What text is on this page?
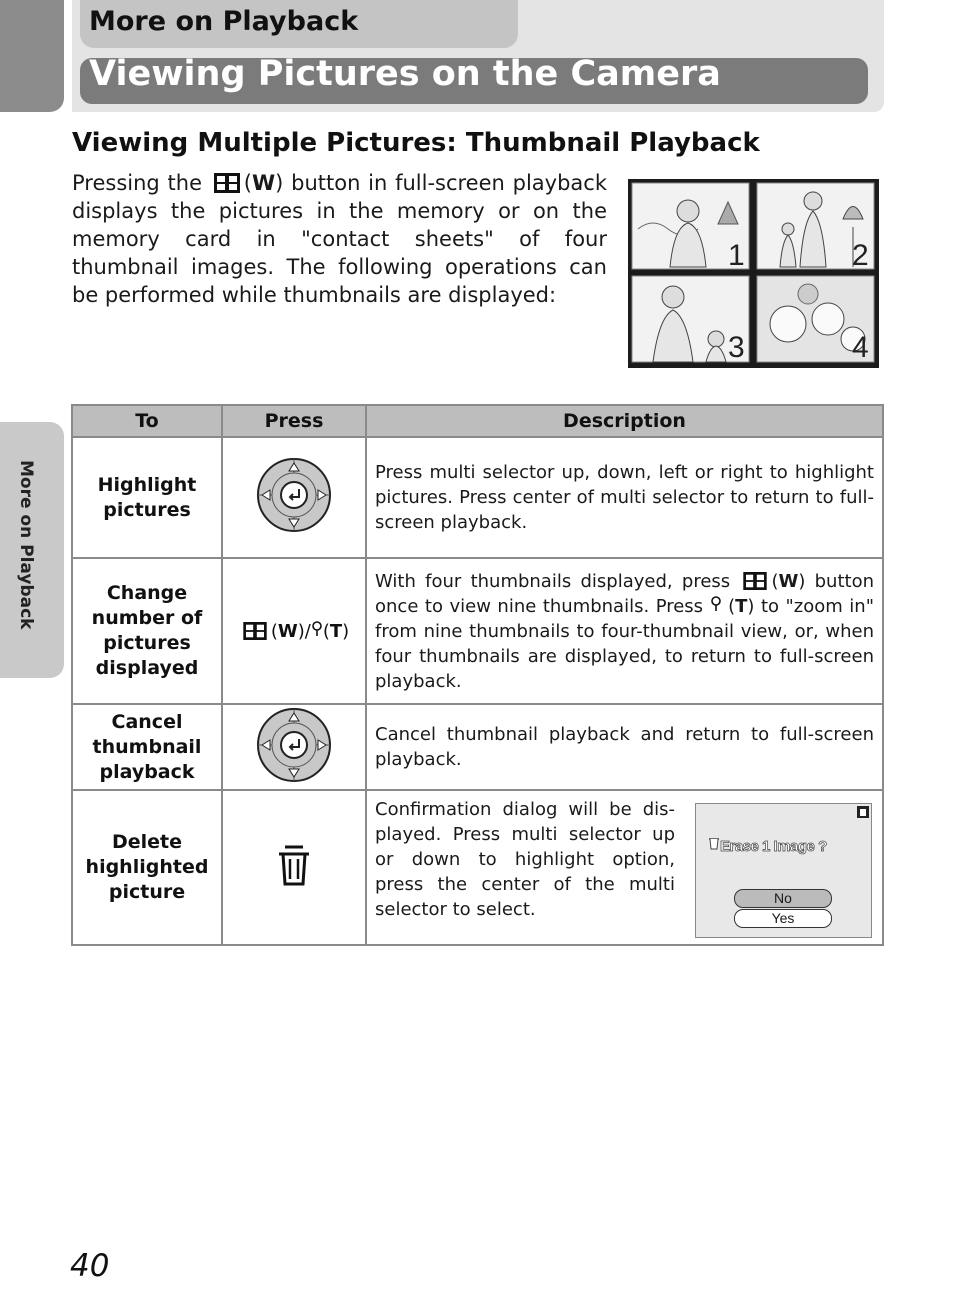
More on Playback
Viewing Pictures on the Camera
More on Playback
Viewing Multiple Pictures: Thumbnail Playback
Pressing the (W) button in full-screen playback displays the pictures in the memory or on the memory card in "contact sheets" of four thumbnail images. The following operations can be performed while thumbnails are displayed:
1	2
3	4
To	Press	Description
Highlight pictures		Press multi selector up, down, left or right to highlight pictures. Press center of multi selector to return to full-screen playback.
Change number of pictures displayed	(W)/ (T)	With four thumbnails displayed, press (W) button once to view nine thumbnails. Press (T) to "zoom in" from nine thumbnails to four-thumbnail view, or, when four thumbnails are displayed, to return to full-screen playback.
Cancel thumbnail playback		Cancel thumbnail playback and return to full-screen playback.
Delete highlighted picture		Confirmation dialog will be dis-played. Press multi selector up or down to highlight option, press the center of the multi selector to select.
Erase 1 Image ?
No
Yes
40
